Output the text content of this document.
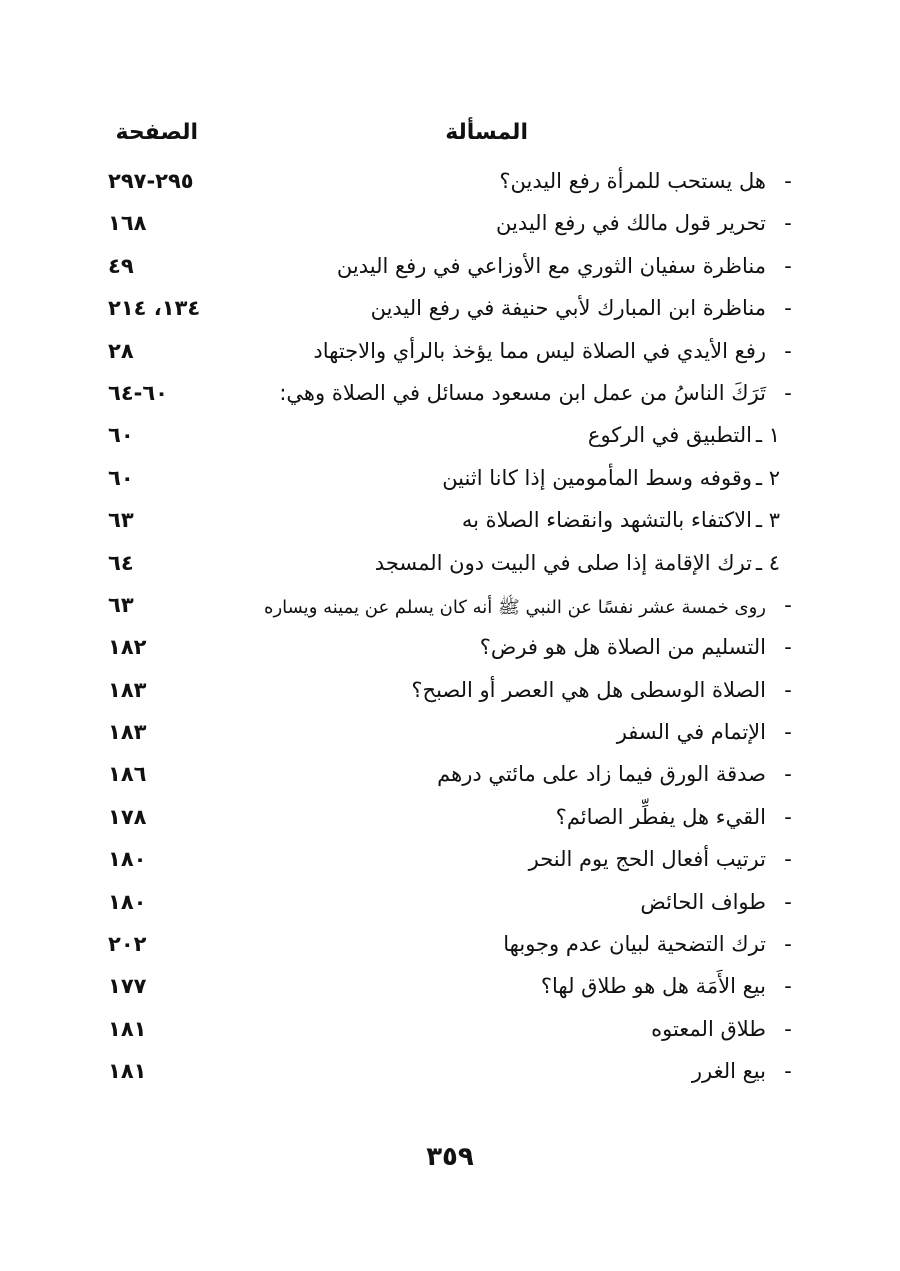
المسألة
الصفحة
-
هل يستحب للمرأة رفع اليدين؟
٢٩٥-٢٩٧
-
تحرير قول مالك في رفع اليدين
١٦٨
-
مناظرة سفيان الثوري مع الأوزاعي في رفع اليدين
٤٩
-
مناظرة ابن المبارك لأبي حنيفة في رفع اليدين
١٣٤، ٢١٤
-
رفع الأيدي في الصلاة ليس مما يؤخذ بالرأي والاجتهاد
٢٨
-
تَرَكَ الناسُ من عمل ابن مسعود مسائل في الصلاة وهي:
٦٠-٦٤
١ ـ
التطبيق في الركوع
٦٠
٢ ـ
وقوفه وسط المأمومين إذا كانا اثنين
٦٠
٣ ـ
الاكتفاء بالتشهد وانقضاء الصلاة به
٦٣
٤ ـ
ترك الإقامة إذا صلى في البيت دون المسجد
٦٤
-
روى خمسة عشر نفسًا عن النبي ﷺ أنه كان يسلم عن يمينه ويساره
٦٣
-
التسليم من الصلاة هل هو فرض؟
١٨٢
-
الصلاة الوسطى هل هي العصر أو الصبح؟
١٨٣
-
الإتمام في السفر
١٨٣
-
صدقة الورق فيما زاد على مائتي درهم
١٨٦
-
القيء هل يفطِّر الصائم؟
١٧٨
-
ترتيب أفعال الحج يوم النحر
١٨٠
-
طواف الحائض
١٨٠
-
ترك التضحية لبيان عدم وجوبها
٢٠٢
-
بيع الأَمَة هل هو طلاق لها؟
١٧٧
-
طلاق المعتوه
١٨١
-
بيع الغرر
١٨١
٣٥٩
